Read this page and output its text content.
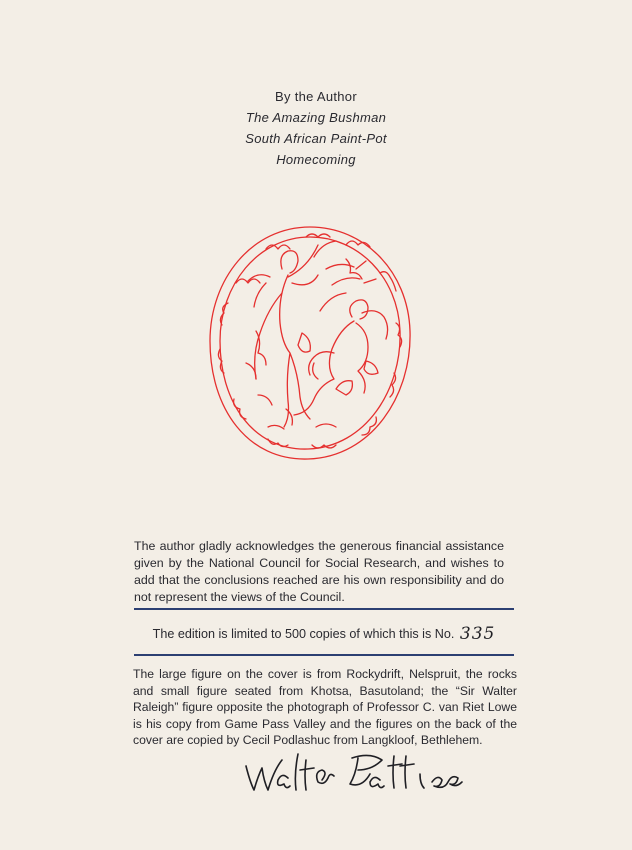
By the Author
The Amazing Bushman
South African Paint-Pot
Homecoming
The author gladly acknowledges the generous financial assistance given by the National Council for Social Research, and wishes to add that the conclusions reached are his own responsibility and do not represent the views of the Council.
The edition is limited to 500 copies of which this is No. 335
The large figure on the cover is from Rockydrift, Nelspruit, the rocks and small figure seated from Khotsa, Basutoland; the “Sir Walter Raleigh” figure opposite the photograph of Professor C. van Riet Lowe is his copy from Game Pass Valley and the figures on the back of the cover are copied by Cecil Podlashuc from Langkloof, Bethlehem.
